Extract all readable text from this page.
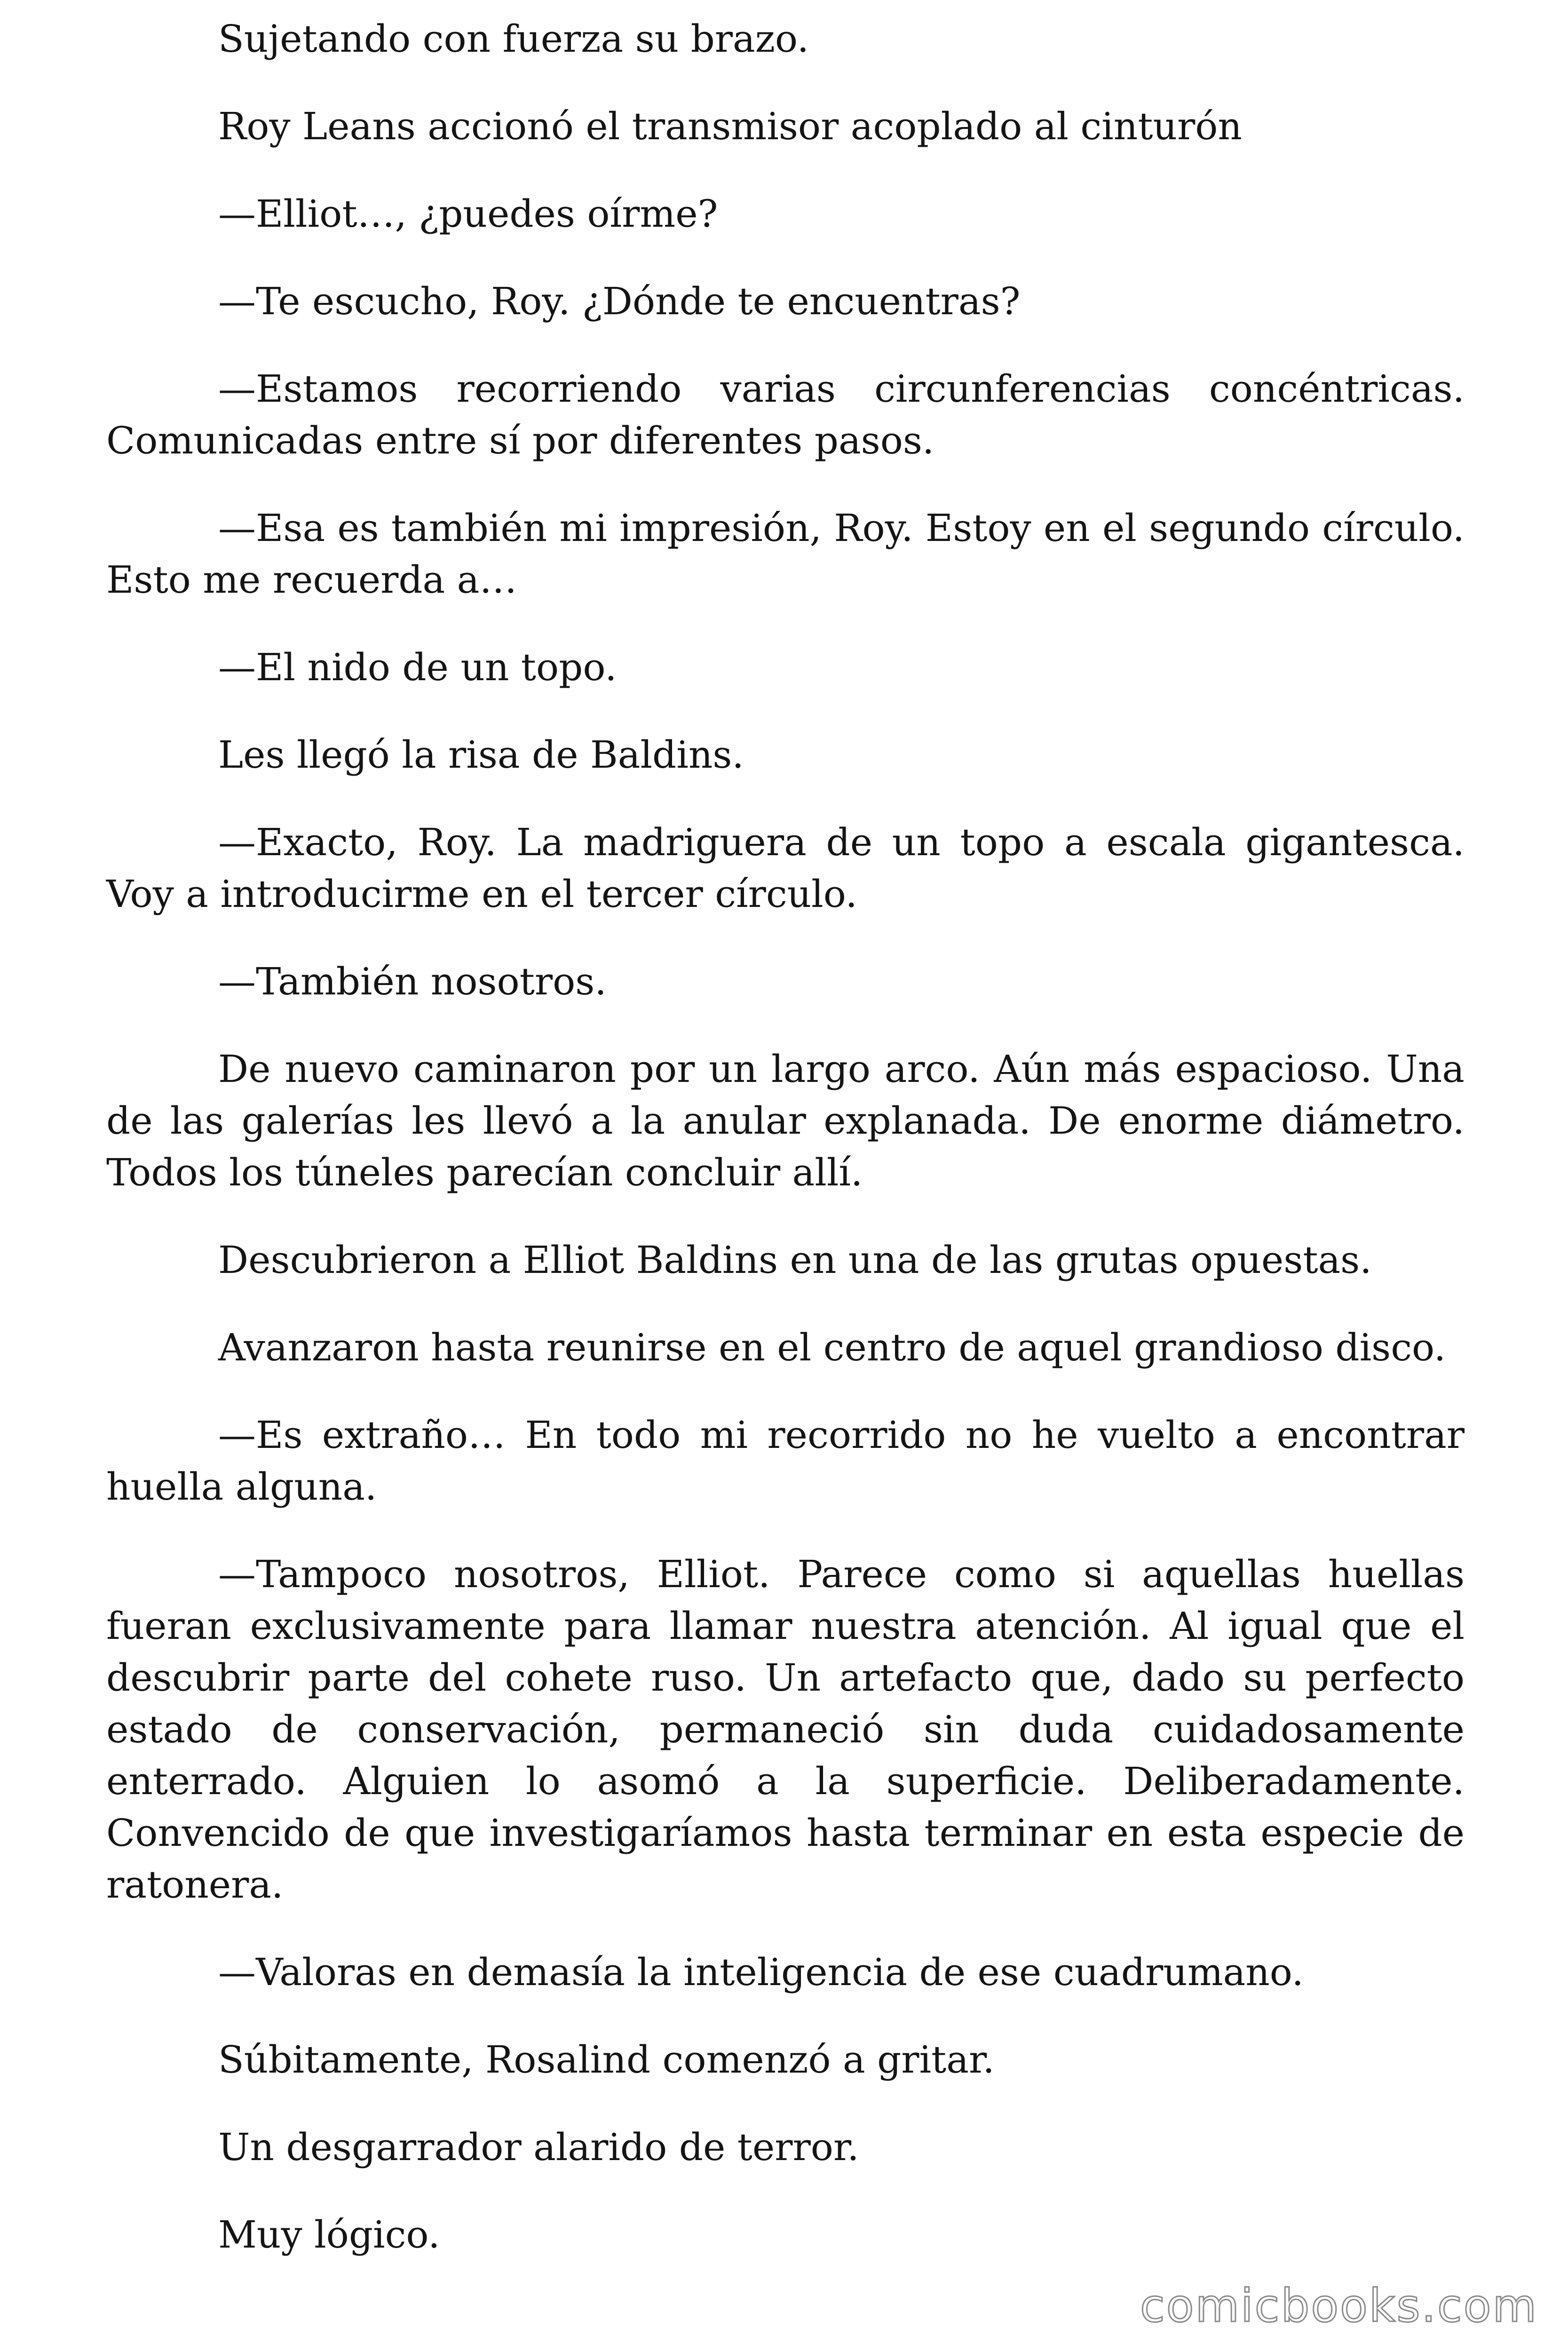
Sujetando con fuerza su brazo.

Roy Leans accionó el transmisor acoplado al cinturón

—Elliot…, ¿puedes oírme?

—Te escucho, Roy. ¿Dónde te encuentras?

—Estamos recorriendo varias circunferencias concéntricas. Comunicadas entre sí por diferentes pasos.

—Esa es también mi impresión, Roy. Estoy en el segundo círculo. Esto me recuerda a…

—El nido de un topo.

Les llegó la risa de Baldins.

—Exacto, Roy. La madriguera de un topo a escala gigantesca. Voy a introducirme en el tercer círculo.

—También nosotros.

De nuevo caminaron por un largo arco. Aún más espacioso. Una de las galerías les llevó a la anular explanada. De enorme diámetro. Todos los túneles parecían concluir allí.

Descubrieron a Elliot Baldins en una de las grutas opuestas.

Avanzaron hasta reunirse en el centro de aquel grandioso disco.

—Es extraño… En todo mi recorrido no he vuelto a encontrar huella alguna.

—Tampoco nosotros, Elliot. Parece como si aquellas huellas fueran exclusivamente para llamar nuestra atención. Al igual que el descubrir parte del cohete ruso. Un artefacto que, dado su perfecto estado de conservación, permaneció sin duda cuidadosamente enterrado. Alguien lo asomó a la superficie. Deliberadamente. Convencido de que investigaríamos hasta terminar en esta especie de ratonera.

—Valoras en demasía la inteligencia de ese cuadrumano.

Súbitamente, Rosalind comenzó a gritar.

Un desgarrador alarido de terror.

Muy lógico.

comicbooks.com
